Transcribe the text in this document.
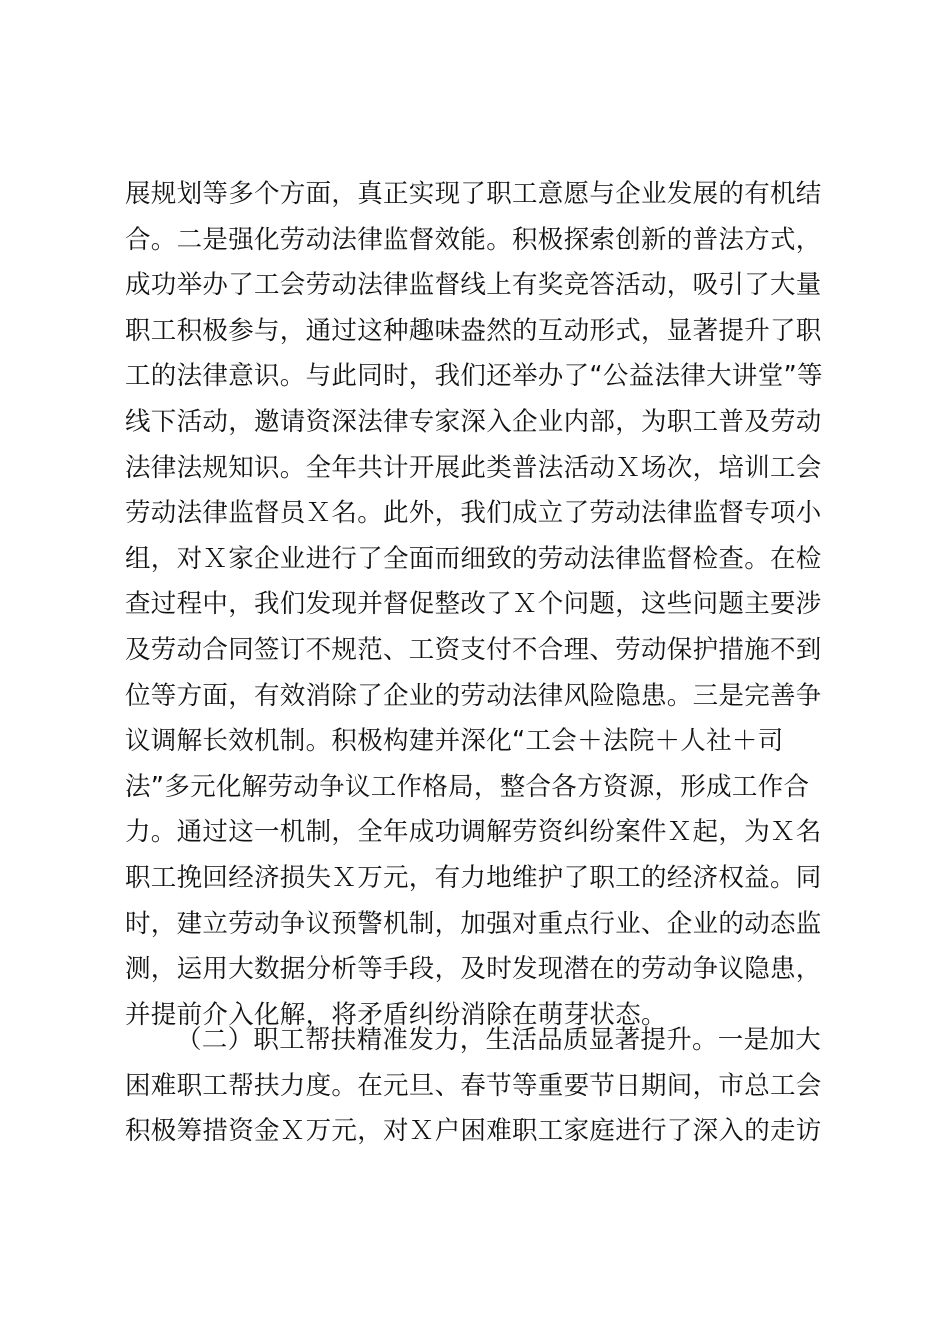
展规划等多个方面，真正实现了职工意愿与企业发展的有机结
合。二是强化劳动法律监督效能。积极探索创新的普法方式，
成功举办了工会劳动法律监督线上有奖竞答活动，吸引了大量
职工积极参与，通过这种趣味盎然的互动形式，显著提升了职
工的法律意识。与此同时，我们还举办了“公益法律大讲堂”等
线下活动，邀请资深法律专家深入企业内部，为职工普及劳动
法律法规知识。全年共计开展此类普法活动Ｘ场次，培训工会
劳动法律监督员Ｘ名。此外，我们成立了劳动法律监督专项小
组，对Ｘ家企业进行了全面而细致的劳动法律监督检查。在检
查过程中，我们发现并督促整改了Ｘ个问题，这些问题主要涉
及劳动合同签订不规范、工资支付不合理、劳动保护措施不到
位等方面，有效消除了企业的劳动法律风险隐患。三是完善争
议调解长效机制。积极构建并深化“工会＋法院＋人社＋司
法”多元化解劳动争议工作格局，整合各方资源，形成工作合
力。通过这一机制，全年成功调解劳资纠纷案件Ｘ起，为Ｘ名
职工挽回经济损失Ｘ万元，有力地维护了职工的经济权益。同
时，建立劳动争议预警机制，加强对重点行业、企业的动态监
测，运用大数据分析等手段，及时发现潜在的劳动争议隐患，
并提前介入化解，将矛盾纠纷消除在萌芽状态。
（二）职工帮扶精准发力，生活品质显著提升。一是加大
困难职工帮扶力度。在元旦、春节等重要节日期间，市总工会
积极筹措资金Ｘ万元，对Ｘ户困难职工家庭进行了深入的走访
